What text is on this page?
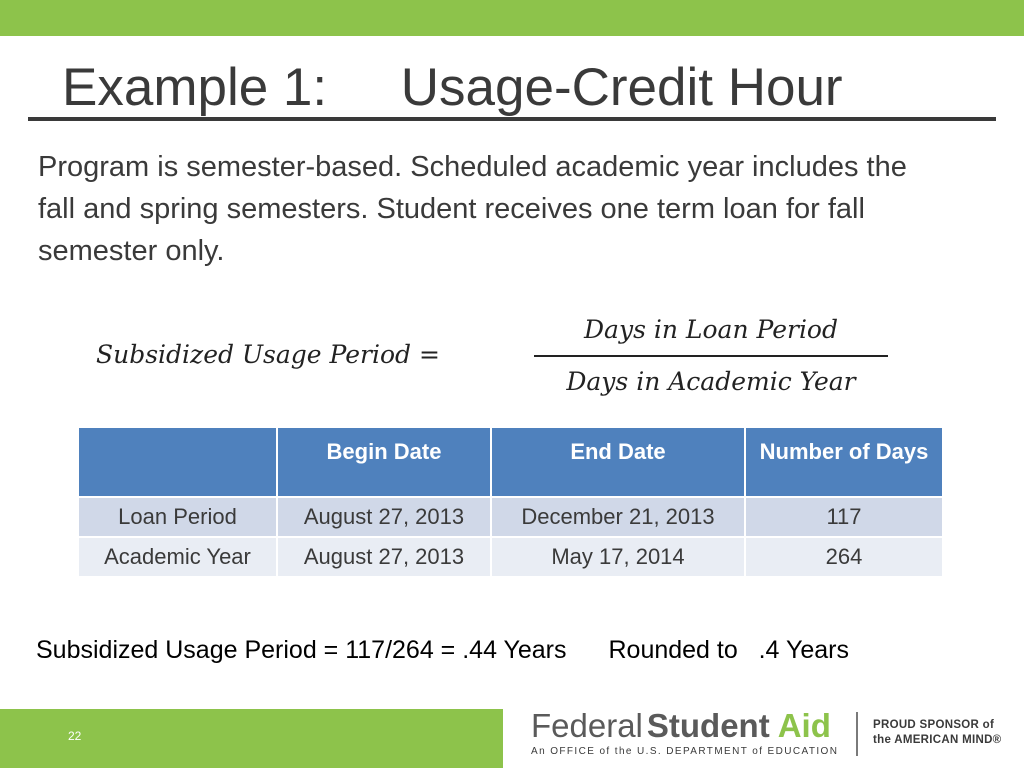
Example 1:     Usage-Credit Hour
Program is semester-based. Scheduled academic year includes the fall and spring semesters. Student receives one term loan for fall semester only.
Subsidized Usage Period =
Days in Loan Period
Days in Academic Year
	Begin Date	End Date	Number of Days
Loan Period	August 27, 2013	December 21, 2013	117
Academic Year	August 27, 2013	May 17, 2014	264
Subsidized Usage Period = 117/264 = .44 Years Rounded to   .4 Years
22	Federal Student Aid
An OFFICE of the U.S. DEPARTMENT of EDUCATION
PROUD SPONSOR of
the AMERICAN MIND®
